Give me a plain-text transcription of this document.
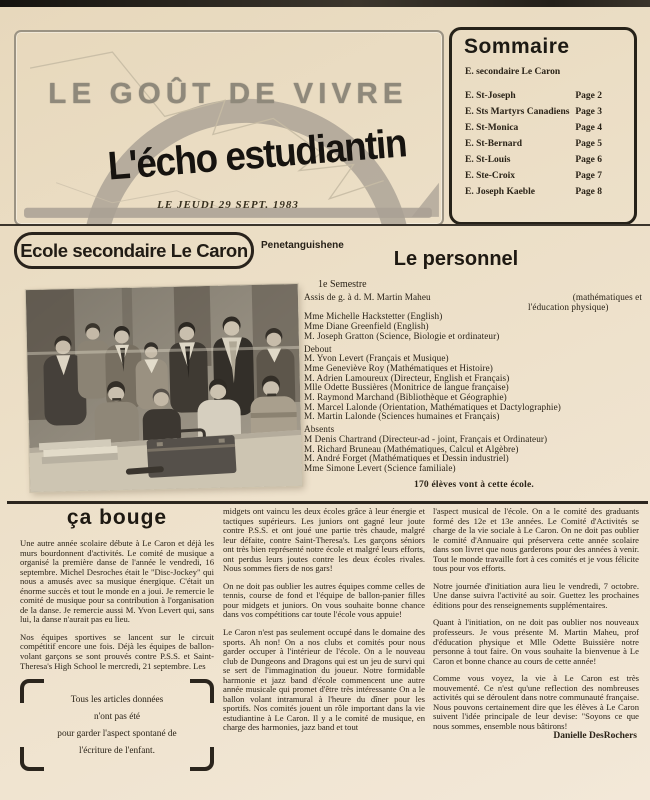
LE GOÛT DE VIVRE
L'écho estudiantin
LE JEUDI 29 SEPT. 1983
Sommaire
E. secondaire Le Caron
E. St-Joseph	Page 2
E. Sts Martyrs Canadiens Page 3
E. St-Monica	Page 4
E. St-Bernard	Page 5
E. St-Louis	Page 6
E. Ste-Croix	Page 7
E. Joseph Kaeble	Page 8
Ecole secondaire Le Caron Penetanguishene
Le personnel
1e Semestre
Assis de g. à d. M. Martin Maheu	(mathématiques et
l'éducation physique)
Mme Michelle Hackstetter (English)
Mme Diane Greenfield (English)
M. Joseph Gratton (Science, Biologie et ordinateur)
Debout
M. Yvon Levert (Français et Musique)
Mme Geneviève Roy (Mathématiques et Histoire)
M. Adrien Lamoureux (Directeur, English et Français)
Mlle Odette Bussières (Monitrice de langue française)
M. Raymond Marchand (Bibliothèque et Géographie)
M. Marcel Lalonde (Orientation, Mathématiques et Dactylographie)
M. Martin Lalonde (Sciences humaines et Français)
Absents
M Denis Chartrand (Directeur-ad - joint, Français et Ordinateur)
M. Richard Bruneau (Mathématiques, Calcul et Algèbre)
M. André Forget (Mathématiques et Dessin industriel)
Mme Simone Levert (Science familiale)
170 élèves vont à cette école.
ça bouge

Une autre année scolaire débute à Le Caron et déjà les murs bourdonnent d'activités. Le comité de musique a organisé la première danse de l'année le vendredi, 16 septembre. Michel Desroches était le "Disc-Jockey" qui nous a amusés avec sa musique énergique. C'était un énorme succès et tout le monde en a joui. Je remercie le comité de musique pour sa contribution à l'organisation de la danse. Je remercie aussi M. Yvon Levert qui, sans lui, la danse n'aurait pas eu lieu.

Nos équipes sportives se lancent sur le circuit compétitif encore une fois. Déjà les équipes de ballon-volant garçons se sont prouvés contre P.S.S. et Saint-Theresa's High School le mercredi, 21 septembre. Les

Tous les articles données
n'ont pas été
pour garder l'aspect spontané de
l'écriture de l'enfant.

midgets ont vaincu les deux écoles grâce à leur énergie et tactiques supérieurs. Les juniors ont gagné leur joute contre P.S.S. et ont joué une partie très chaude, malgré leur défaite, contre Saint-Theresa's. Les garçons séniors ont très bien représenté notre école et malgré leurs efforts, ont perdus leurs joutes contre les deux écoles rivales. Nous sommes fiers de nos gars!

On ne doit pas oublier les autres équipes comme celles de tennis, course de fond et l'équipe de ballon-panier filles pour midgets et juniors. On vous souhaite bonne chance dans vos compétitions car toute l'école vous appuie!

Le Caron n'est pas seulement occupé dans le domaine des sports. Ah non! On a nos clubs et comités pour nous garder occuper à l'intérieur de l'école. On a le nouveau club de Dungeons and Dragons qui est un jeu de survi qui se sert de l'immagination du joueur. Notre formidable harmonie et jazz band d'école commencent une autre année musicale qui promet d'être très intéressante On a le ballon volant intramural à l'heure du dîner pour les sportifs. Nos comités jouent un rôle important dans la vie estudiantine à Le Caron. Il y a le comité de musique, en charge des harmonies, jazz band et tout

l'aspect musical de l'école. On a le comité des graduants formé des 12e et 13e années. Le Comité d'Activités se charge de la vie sociale à Le Caron. On ne doit pas oublier le comité d'Annuaire qui préservera cette année scolaire dans son livret que nous garderons pour des années à venir. Tout le monde travaille fort à ces comités et je vous félicite tous pour vos efforts.

Notre journée d'initiation aura lieu le vendredi, 7 octobre. Une danse suivra l'activité au soir. Guettez les prochaines éditions pour des renseignements supplémentaires.

Quant à l'initiation, on ne doit pas oublier nos nouveaux professeurs. Je vous présente M. Martin Maheu, prof d'éducation physique et Mlle Odette Buissière notre personne à tout faire. On vous souhaite la bienvenue à Le Caron et bonne chance au cours de cette année!

Comme vous voyez, la vie à Le Caron est très mouvementé. Ce n'est qu'une reflection des nombreuses activités qui se déroulent dans notre communauté française. Nous pouvons certainement dire que les élèves à Le Caron suivent l'idée principale de leur devise: "Soyons ce que nous sommes, ensemble nous bâtirons!

Danielle DesRochers
